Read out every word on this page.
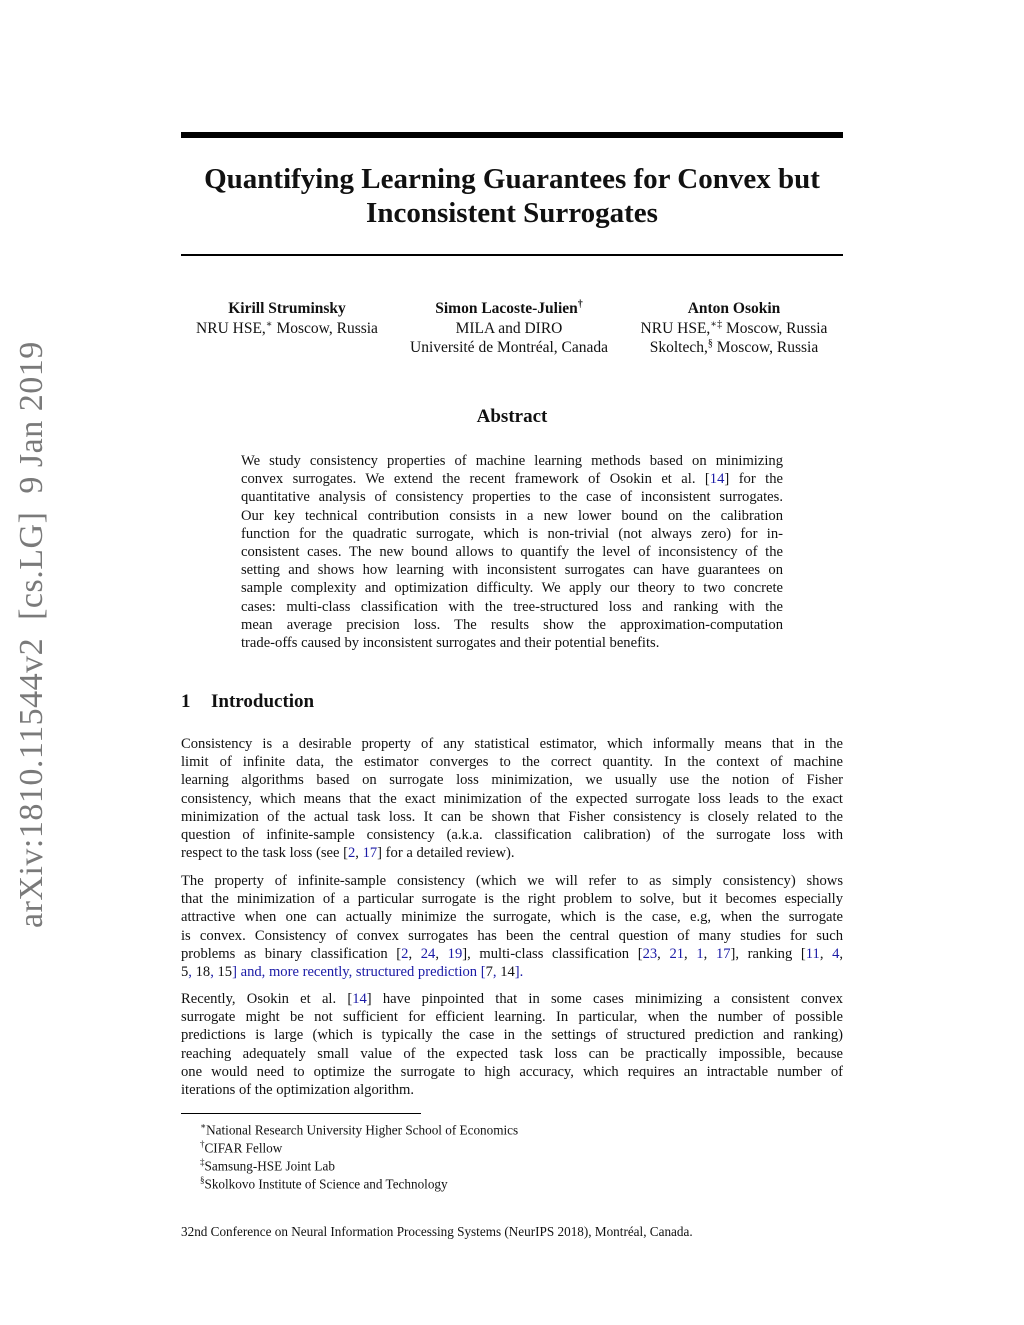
arXiv:1810.11544v2  [cs.LG]  9 Jan 2019
Quantifying Learning Guarantees for Convex but
Inconsistent Surrogates
Kirill Struminsky
NRU HSE,∗ Moscow, Russia
Simon Lacoste-Julien†
MILA and DIRO
Université de Montréal, Canada
Anton Osokin
NRU HSE,∗‡ Moscow, Russia
Skoltech,§ Moscow, Russia
Abstract
We study consistency properties of machine learning methods based on minimizing
convex surrogates. We extend the recent framework of Osokin et al. [14] for the
quantitative analysis of consistency properties to the case of inconsistent surrogates.
Our key technical contribution consists in a new lower bound on the calibration
function for the quadratic surrogate, which is non-trivial (not always zero) for in-
consistent cases. The new bound allows to quantify the level of inconsistency of the
setting and shows how learning with inconsistent surrogates can have guarantees on
sample complexity and optimization difficulty. We apply our theory to two concrete
cases: multi-class classification with the tree-structured loss and ranking with the
mean average precision loss. The results show the approximation-computation
trade-offs caused by inconsistent surrogates and their potential benefits.
1 Introduction
Consistency is a desirable property of any statistical estimator, which informally means that in the
limit of infinite data, the estimator converges to the correct quantity. In the context of machine
learning algorithms based on surrogate loss minimization, we usually use the notion of Fisher
consistency, which means that the exact minimization of the expected surrogate loss leads to the exact
minimization of the actual task loss. It can be shown that Fisher consistency is closely related to the
question of infinite-sample consistency (a.k.a. classification calibration) of the surrogate loss with
respect to the task loss (see [2, 17] for a detailed review).
The property of infinite-sample consistency (which we will refer to as simply consistency) shows
that the minimization of a particular surrogate is the right problem to solve, but it becomes especially
attractive when one can actually minimize the surrogate, which is the case, e.g, when the surrogate
is convex. Consistency of convex surrogates has been the central question of many studies for such
problems as binary classification [2, 24, 19], multi-class classification [23, 21, 1, 17], ranking [11, 4,
5, 18, 15] and, more recently, structured prediction [7, 14].
Recently, Osokin et al. [14] have pinpointed that in some cases minimizing a consistent convex
surrogate might be not sufficient for efficient learning. In particular, when the number of possible
predictions is large (which is typically the case in the settings of structured prediction and ranking)
reaching adequately small value of the expected task loss can be practically impossible, because
one would need to optimize the surrogate to high accuracy, which requires an intractable number of
iterations of the optimization algorithm.
∗National Research University Higher School of Economics
†CIFAR Fellow
‡Samsung-HSE Joint Lab
§Skolkovo Institute of Science and Technology
32nd Conference on Neural Information Processing Systems (NeurIPS 2018), Montréal, Canada.
